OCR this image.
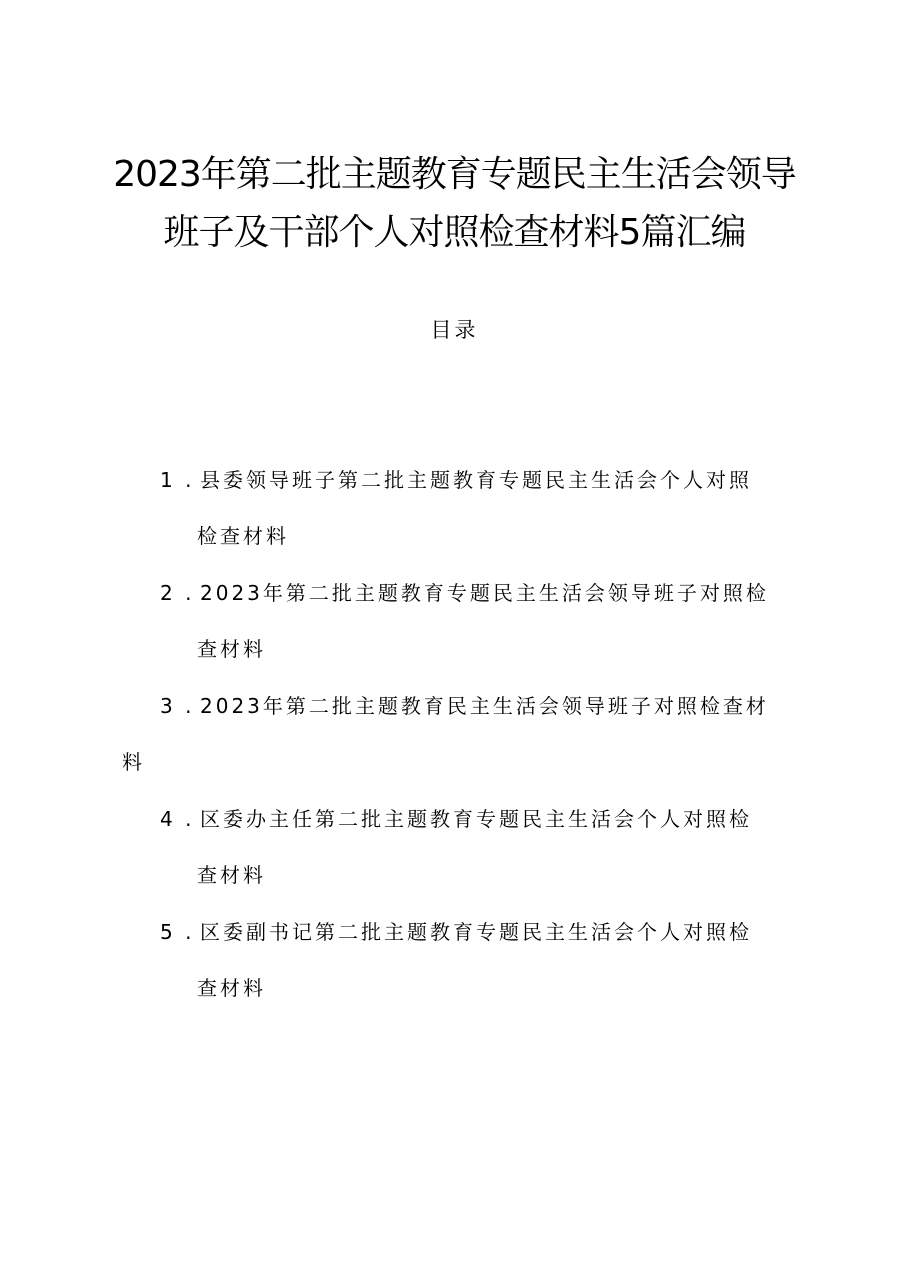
2023年第二批主题教育专题民主生活会领导

班子及干部个人对照检查材料5篇汇编

目录
1 . 县委领导班子第二批主题教育专题民主生活会个人对照
检查材料
2 . 2023年第二批主题教育专题民主生活会领导班子对照检
查材料
3 . 2023年第二批主题教育民主生活会领导班子对照检查材
料
4 . 区委办主任第二批主题教育专题民主生活会个人对照检
查材料
5 . 区委副书记第二批主题教育专题民主生活会个人对照检
查材料
